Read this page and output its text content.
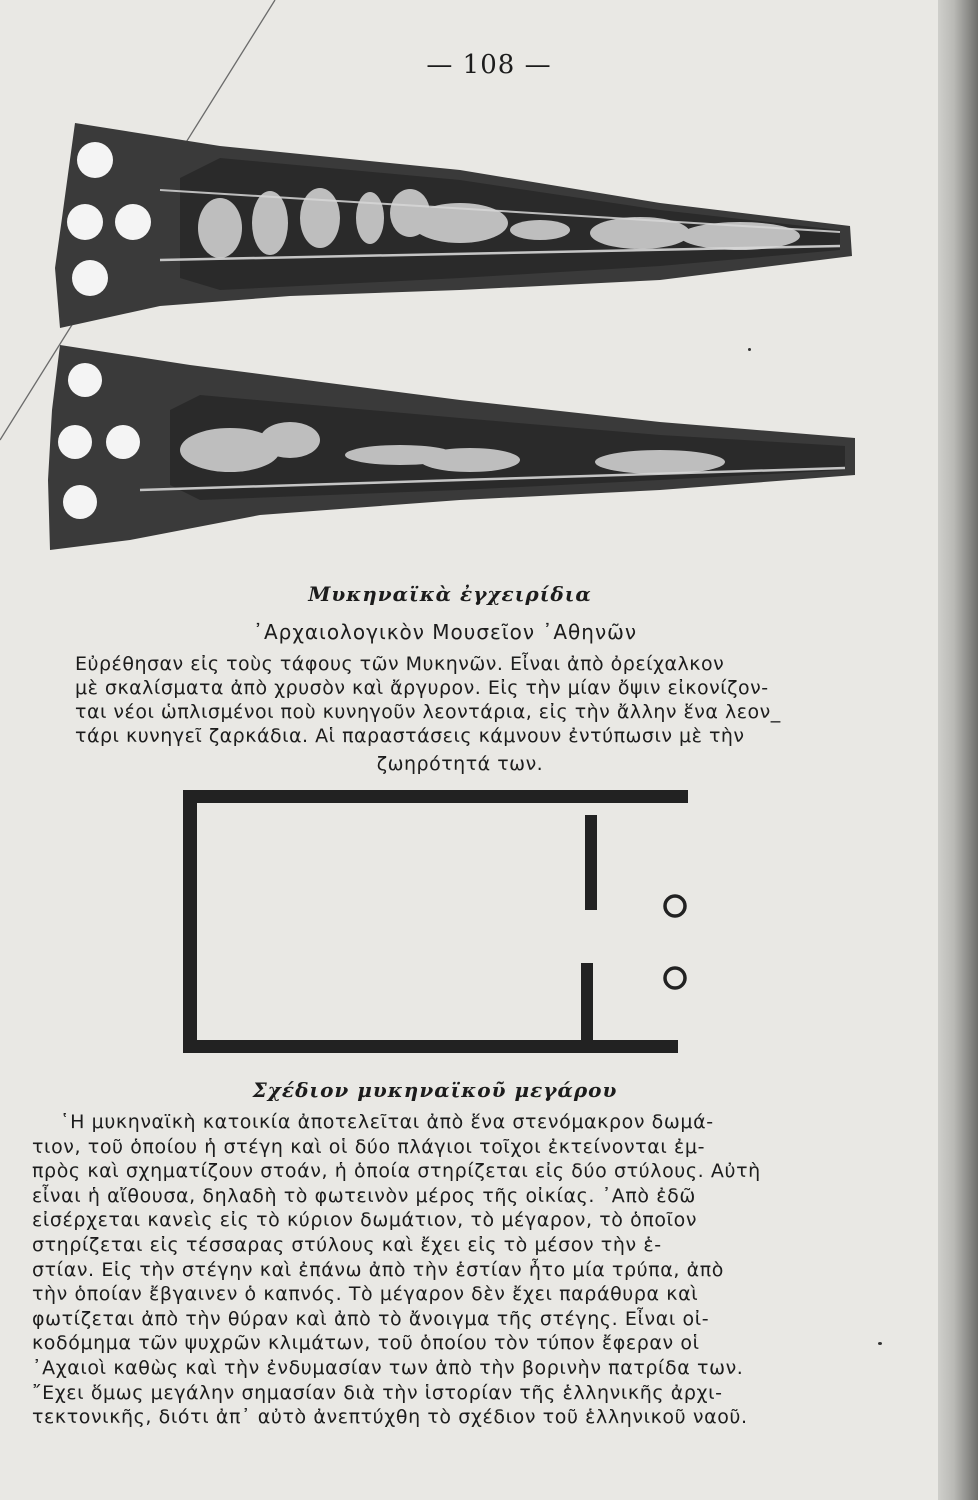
— 108 —
Μυκηναϊκὰ ἐγχειρίδια
᾿Αρχαιολογικὸν Μουσεῖον ᾿Αθηνῶν
Εὐρέθησαν εἰς τοὺς τάφους τῶν Μυκηνῶν. Εἶναι ἀπὸ ὀρείχαλκον
μὲ σκαλίσματα ἀπὸ χρυσὸν καὶ ἄργυρον. Εἰς τὴν μίαν ὄψιν εἰκονίζον-
ται νέοι ὡπλισμένοι ποὺ κυνηγοῦν λεοντάρια, εἰς τὴν ἄλλην ἕνα λεον_
τάρι κυνηγεῖ ζαρκάδια. Αἱ παραστάσεις κάμνουν ἐντύπωσιν μὲ τὴν
ζωηρότητά των.
Σχέδιον μυκηναϊκοῦ μεγάρου
῾Η μυκηναϊκὴ κατοικία ἀποτελεῖται ἀπὸ ἕνα στενόμακρον δωμά-
τιον, τοῦ ὁποίου ἡ στέγη καὶ οἱ δύο πλάγιοι τοῖχοι ἐκτείνονται ἐμ-
πρὸς καὶ σχηματίζουν στοάν, ἡ ὁποία στηρίζεται εἰς δύο στύλους. Αὐτὴ
εἶναι ἡ αἴθουσα, δηλαδὴ τὸ φωτεινὸν μέρος τῆς οἰκίας. ᾿Απὸ ἐδῶ
εἰσέρχεται κανεὶς εἰς τὸ κύριον δωμάτιον, τὸ μέγαρον, τὸ ὁποῖον
στηρίζεται εἰς τέσσαρας στύλους καὶ ἔχει εἰς τὸ μέσον τὴν ἑ-
στίαν. Εἰς τὴν στέγην καὶ ἐπάνω ἀπὸ τὴν ἑστίαν ἦτο μία τρύπα, ἀπὸ
τὴν ὁποίαν ἔβγαινεν ὁ καπνός. Τὸ μέγαρον δὲν ἔχει παράθυρα καὶ
φωτίζεται ἀπὸ τὴν θύραν καὶ ἀπὸ τὸ ἄνοιγμα τῆς στέγης. Εἶναι οἰ-
κοδόμημα τῶν ψυχρῶν κλιμάτων, τοῦ ὁποίου τὸν τύπον ἔφεραν οἱ
᾿Αχαιοὶ καθὼς καὶ τὴν ἐνδυμασίαν των ἀπὸ τὴν βορινὴν πατρίδα των.
῎Εχει ὅμως μεγάλην σημασίαν διὰ τὴν ἱστορίαν τῆς ἑλληνικῆς ἀρχι-
τεκτονικῆς, διότι ἀπ᾿ αὐτὸ ἀνεπτύχθη τὸ σχέδιον τοῦ ἑλληνικοῦ ναοῦ.
